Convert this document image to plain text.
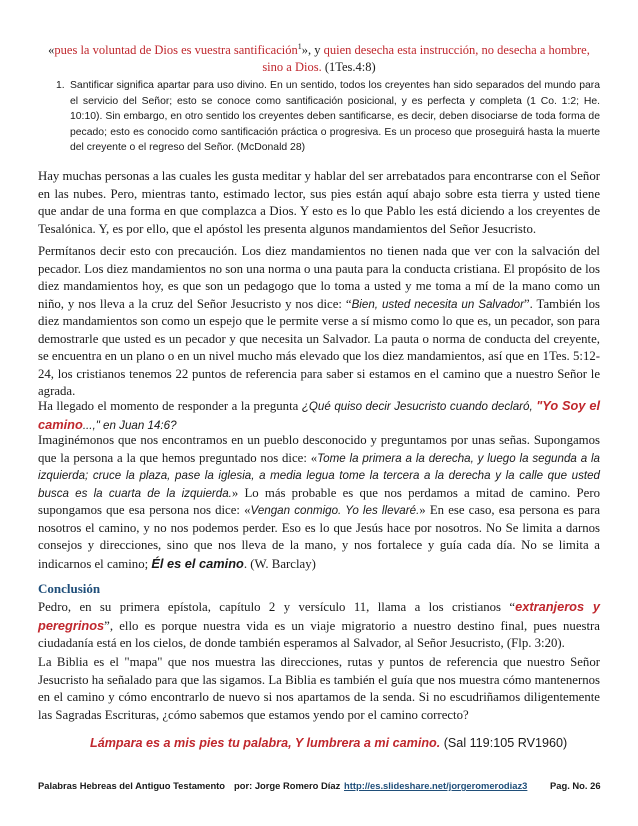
«pues la voluntad de Dios es vuestra santificación$^1$», y quien desecha esta instrucción, no desecha a hombre, sino a Dios. (1Tes.4:8)
1. Santificar significa apartar para uso divino. En un sentido, todos los creyentes han sido separados del mundo para el servicio del Señor; esto se conoce como santificación posicional, y es perfecta y completa (1 Co. 1:2; He. 10:10). Sin embargo, en otro sentido los creyentes deben santificarse, es decir, deben disociarse de toda forma de pecado; esto es conocido como santificación práctica o progresiva. Es un proceso que proseguirá hasta la muerte del creyente o el regreso del Señor. (McDonald 28)
Hay muchas personas a las cuales les gusta meditar y hablar del ser arrebatados para encontrarse con el Señor en las nubes. Pero, mientras tanto, estimado lector, sus pies están aquí abajo sobre esta tierra y usted tiene que andar de una forma en que complazca a Dios. Y esto es lo que Pablo les está diciendo a los creyentes de Tesalónica. Y, es por ello, que el apóstol les presenta algunos mandamientos del Señor Jesucristo.
Permítanos decir esto con precaución. Los diez mandamientos no tienen nada que ver con la salvación del pecador. Los diez mandamientos no son una norma o una pauta para la conducta cristiana. El propósito de los diez mandamientos hoy, es que son un pedagogo que lo toma a usted y me toma a mí de la mano como un niño, y nos lleva a la cruz del Señor Jesucristo y nos dice: “Bien, usted necesita un Salvador”. También los diez mandamientos son como un espejo que le permite verse a sí mismo como lo que es, un pecador, son para demostrarle que usted es un pecador y que necesita un Salvador. La pauta o norma de conducta del creyente, se encuentra en un plano o en un nivel mucho más elevado que los diez mandamientos, así que en 1Tes. 5:12-24, los cristianos tenemos 22 puntos de referencia para saber si estamos en el camino que a nuestro Señor le agrada.
Ha llegado el momento de responder a la pregunta ¿Qué quiso decir Jesucristo cuando declaró, "Yo Soy el camino...," en Juan 14:6?
Imaginémonos que nos encontramos en un pueblo desconocido y preguntamos por unas señas. Supongamos que la persona a la que hemos preguntado nos dice: «Tome la primera a la derecha, y luego la segunda a la izquierda; cruce la plaza, pase la iglesia, a media legua tome la tercera a la derecha y la calle que usted busca es la cuarta de la izquierda.» Lo más probable es que nos perdamos a mitad de camino. Pero supongamos que esa persona nos dice: «Vengan conmigo. Yo les llevaré.» En ese caso, esa persona es para nosotros el camino, y no nos podemos perder. Eso es lo que Jesús hace por nosotros. No Se limita a darnos consejos y direcciones, sino que nos lleva de la mano, y nos fortalece y guía cada día. No se limita a indicarnos el camino; Él es el camino. (W. Barclay)
Conclusión
Pedro, en su primera epístola, capítulo 2 y versículo 11, llama a los cristianos “extranjeros y peregrinos”, ello es porque nuestra vida es un viaje migratorio a nuestro destino final, pues nuestra ciudadanía está en los cielos, de donde también esperamos al Salvador, al Señor Jesucristo, (Flp. 3:20).
La Biblia es el "mapa" que nos muestra las direcciones, rutas y puntos de referencia que nuestro Señor Jesucristo ha señalado para que las sigamos. La Biblia es también el guía que nos muestra cómo mantenernos en el camino y cómo encontrarlo de nuevo si nos apartamos de la senda. Si no escudriñamos diligentemente las Sagradas Escrituras, ¿cómo sabemos que estamos yendo por el camino correcto?
Lámpara es a mis pies tu palabra, Y lumbrera a mi camino. (Sal 119:105 RV1960)
Palabras Hebreas del Antiguo Testamento por: Jorge Romero Díaz http://es.slideshare.net/jorgeromerodiaz3 Pag. No. 26
